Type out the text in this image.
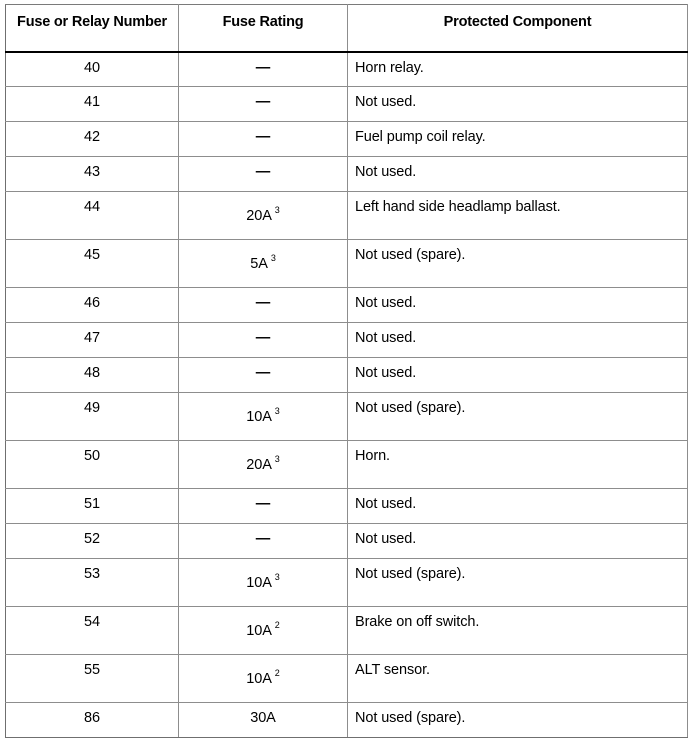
Fuse or Relay Number	Fuse Rating	Protected Component
40	—	Horn relay.
41	—	Not used.
42	—	Fuel pump coil relay.
43	—	Not used.
44	20A $^3$	Left hand side headlamp ballast.
45	5A $^3$	Not used (spare).
46	—	Not used.
47	—	Not used.
48	—	Not used.
49	10A $^3$	Not used (spare).
50	20A $^3$	Horn.
51	—	Not used.
52	—	Not used.
53	10A $^3$	Not used (spare).
54	10A $^2$	Brake on off switch.
55	10A $^2$	ALT sensor.
86	30A	Not used (spare).
